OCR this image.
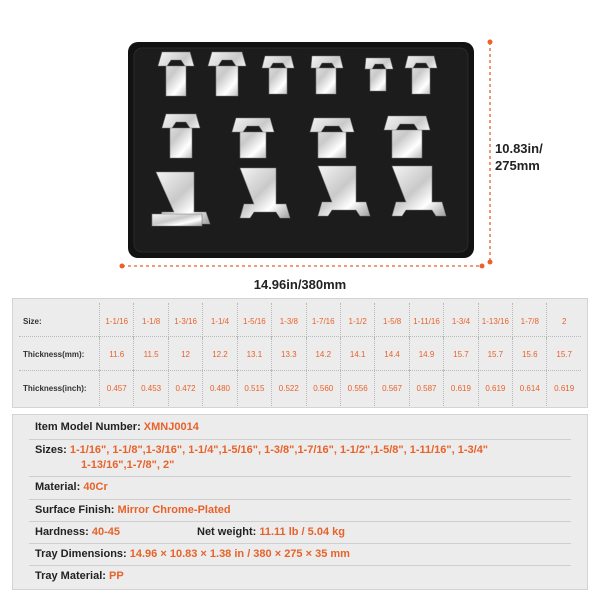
14.96in/380mm
10.83in/
275mm
Size:	1-1/16	1-1/8	1-3/16	1-1/4	1-5/16	1-3/8	1-7/16	1-1/2	1-5/8	1-11/16	1-3/4	1-13/16	1-7/8	2
Thickness(mm):	11.6	11.5	12	12.2	13.1	13.3	14.2	14.1	14.4	14.9	15.7	15.7	15.6	15.7
Thickness(inch):	0.457	0.453	0.472	0.480	0.515	0.522	0.560	0.556	0.567	0.587	0.619	0.619	0.614	0.619
Item Model Number: XMNJ0014
Sizes: 1-1/16", 1-1/8",1-3/16", 1-1/4",1-5/16", 1-3/8",1-7/16", 1-1/2",1-5/8", 1-11/16", 1-3/4"
1-13/16",1-7/8", 2"
Material: 40Cr
Surface Finish: Mirror Chrome-Plated
Hardness: 40-45	Net weight: 11.11 lb / 5.04 kg
Tray Dimensions: 14.96 × 10.83 × 1.38 in / 380 × 275 × 35 mm
Tray Material: PP
